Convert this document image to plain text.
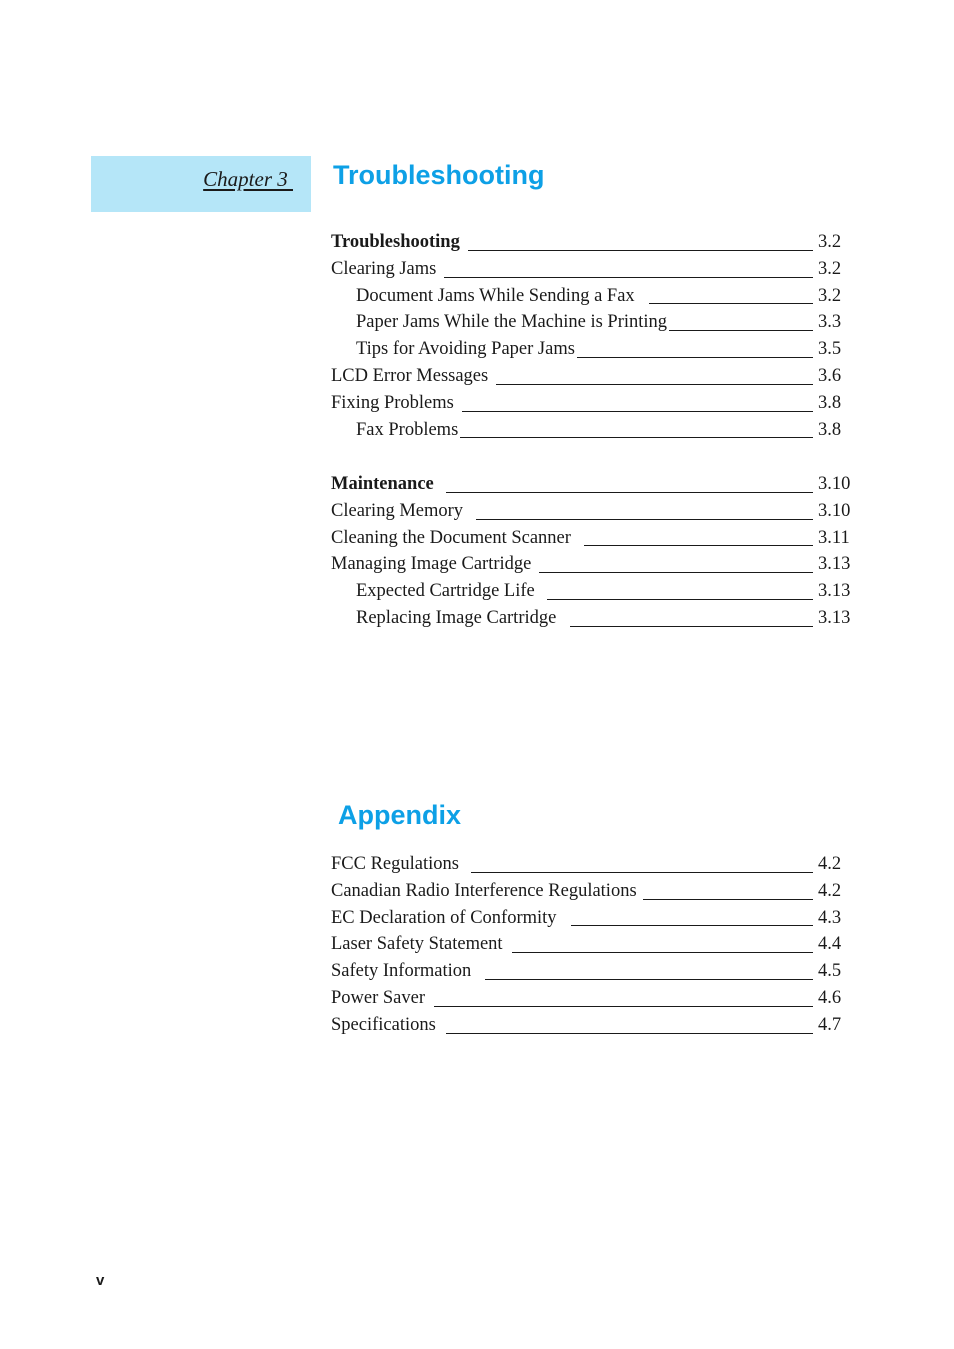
Chapter 3 Troubleshooting
Troubleshooting	3.2
Clearing Jams	3.2
Document Jams While Sending a Fax	3.2
Paper Jams While the Machine is Printing	3.3
Tips for Avoiding Paper Jams	3.5
LCD Error Messages	3.6
Fixing Problems	3.8
Fax Problems	3.8
Maintenance	3.10
Clearing Memory	3.10
Cleaning the Document Scanner	3.11
Managing Image Cartridge	3.13
Expected Cartridge Life	3.13
Replacing Image Cartridge	3.13
Appendix
FCC Regulations	4.2
Canadian Radio Interference Regulations	4.2
EC Declaration of Conformity	4.3
Laser Safety Statement	4.4
Safety Information	4.5
Power Saver	4.6
Specifications	4.7
v
